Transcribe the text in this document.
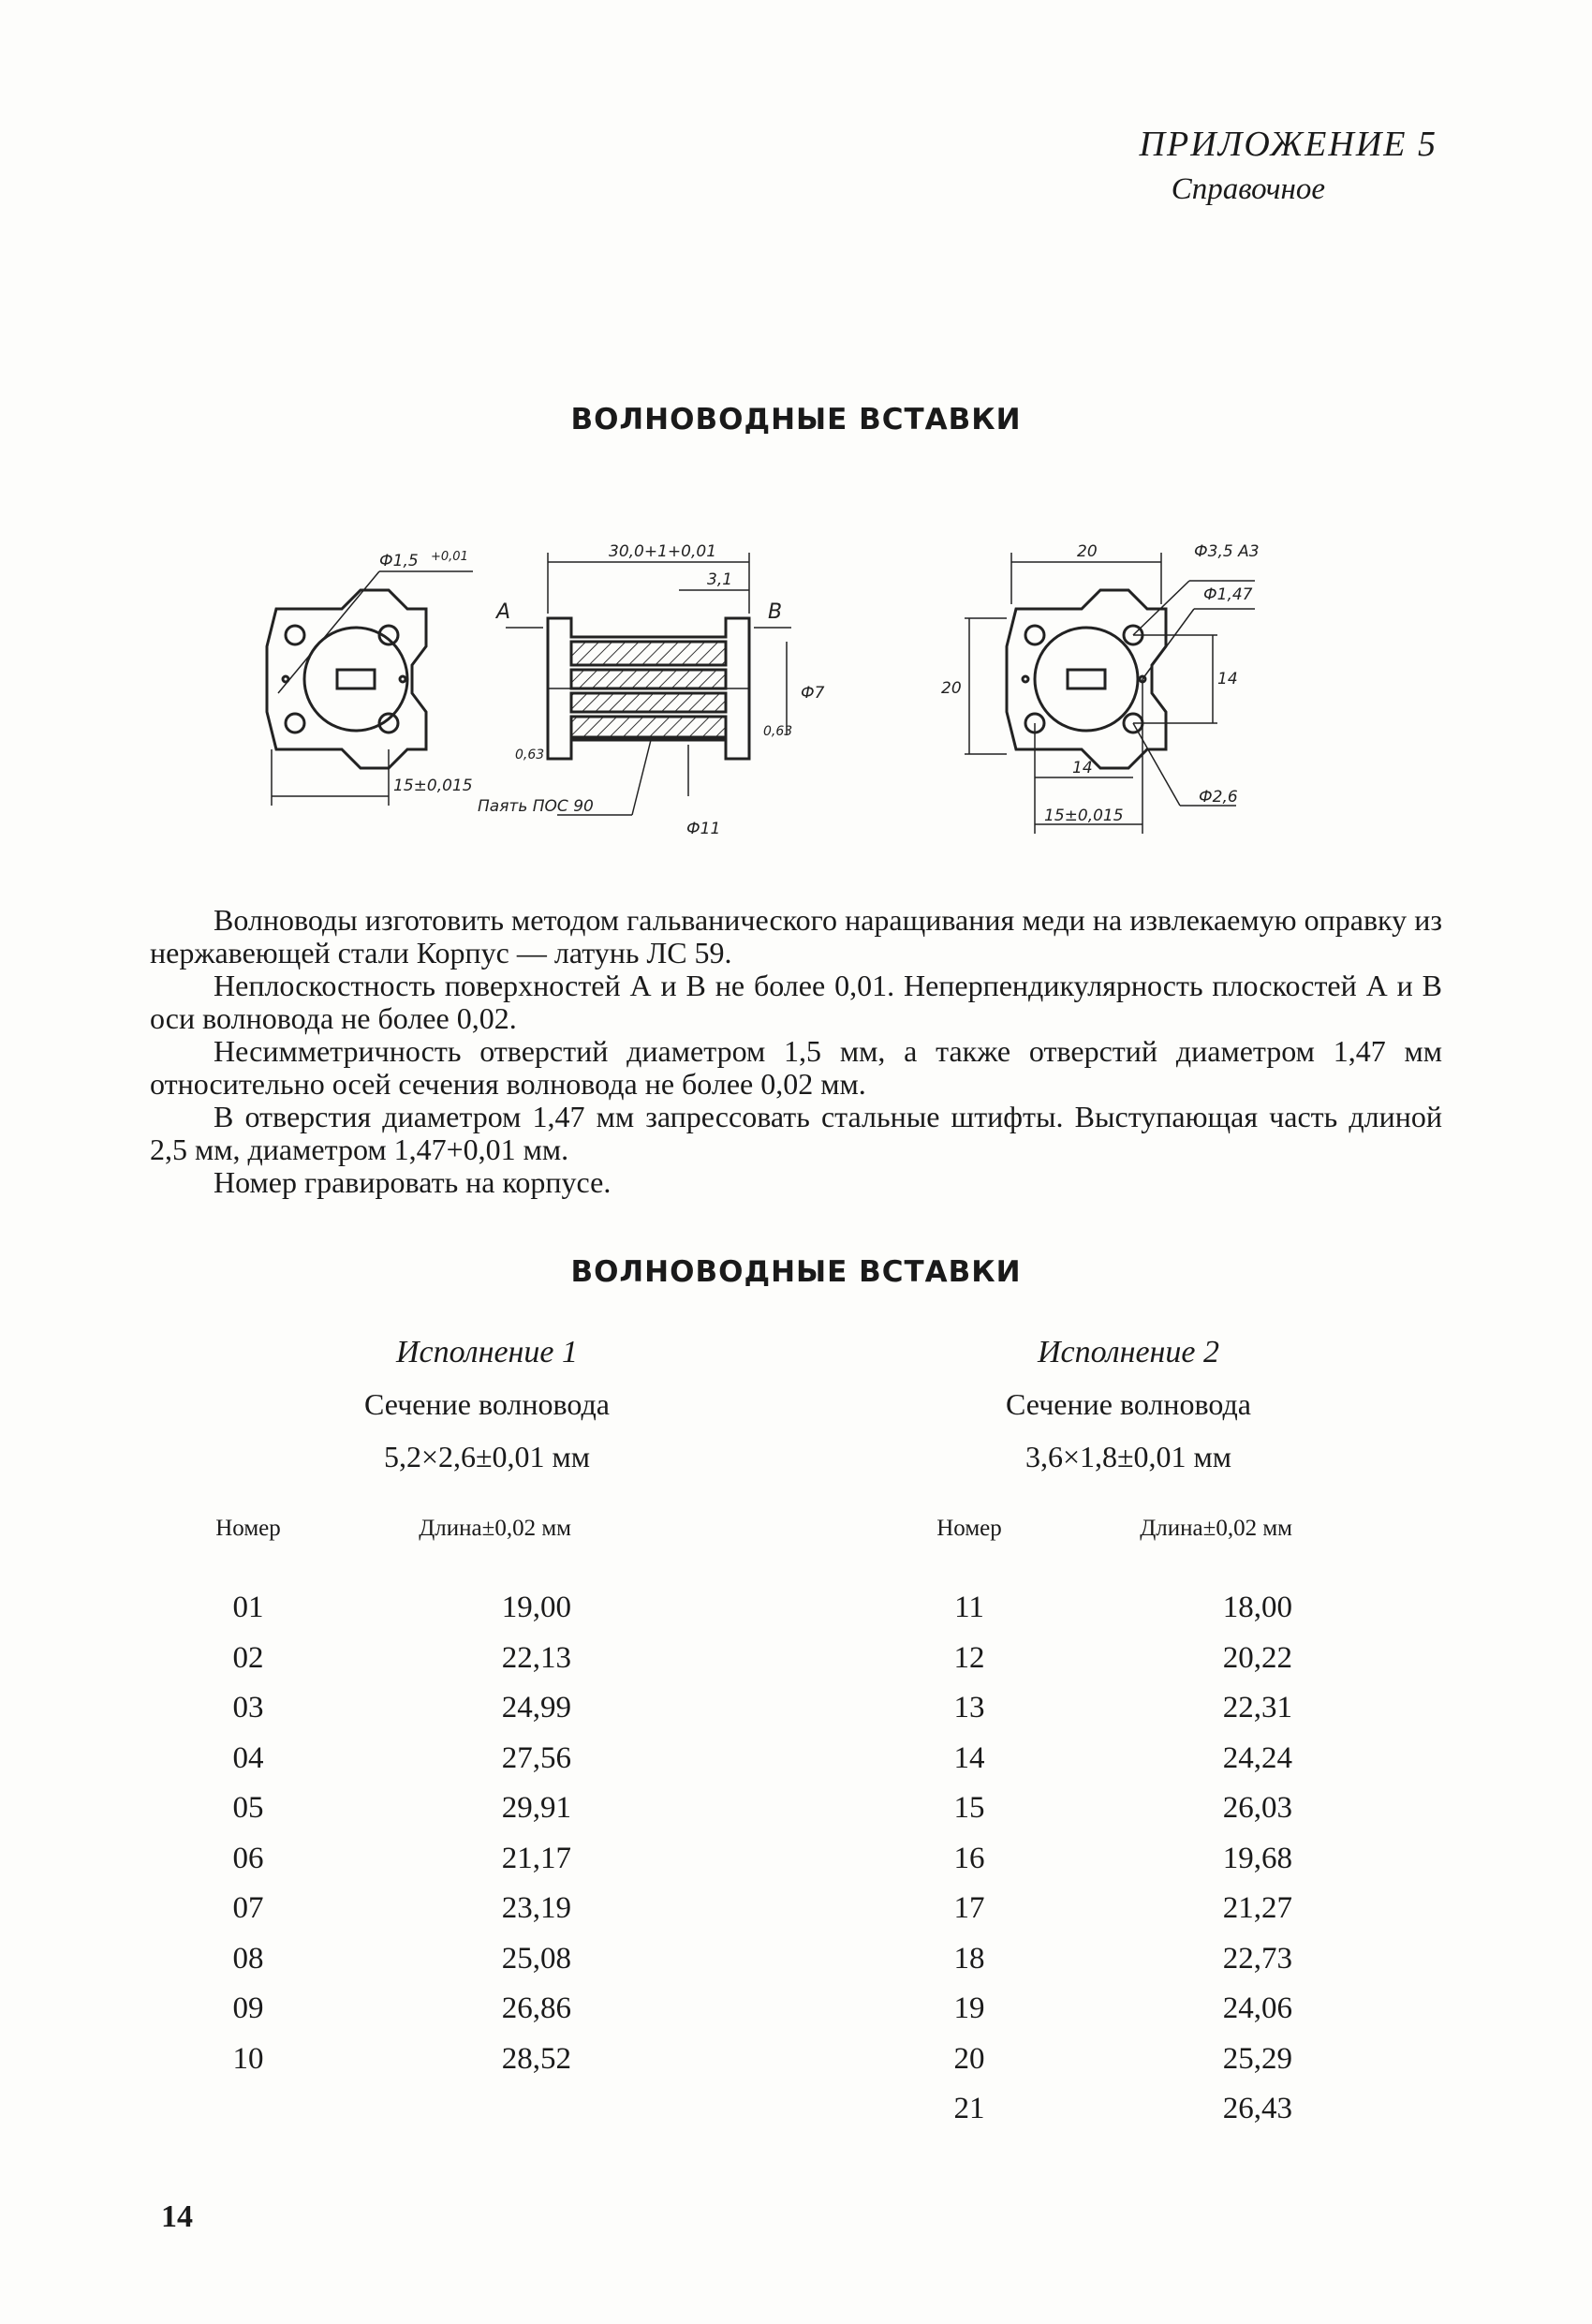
ПРИЛОЖЕНИЕ 5
Справочное
ВОЛНОВОДНЫЕ ВСТАВКИ
Ф1,5 +0,01
15±0,015
30,0+1+0,01
3,1
A	B
Ф7
Ф11
0,63
0,63
Паять ПОС 90
20	Ф3,5 А3
Ф1,47
20	14
14
15±0,015
Ф2,6

Волноводы изготовить методом гальванического наращивания меди на извлекаемую оправку из нержавеющей стали Корпус — латунь ЛС 59.

Неплоскостность поверхностей А и В не более 0,01. Неперпендикулярность плоскостей А и В оси волновода не более 0,02.

Несимметричность отверстий диаметром 1,5 мм, а также отверстий диаметром 1,47 мм относительно осей сечения волновода не более 0,02 мм.

В отверстия диаметром 1,47 мм запрессовать стальные штифты. Выступающая часть длиной 2,5 мм, диаметром 1,47+0,01 мм.

Номер гравировать на корпусе.

ВОЛНОВОДНЫЕ ВСТАВКИ
Исполнение 1
Сечение волновода
5,2×2,6±0,01 мм
Номер	Длина±0,02 мм
01	19,00
02	22,13
03	24,99
04	27,56
05	29,91
06	21,17
07	23,19
08	25,08
09	26,86
10	28,52
Исполнение 2
Сечение волновода
3,6×1,8±0,01 мм
Номер	Длина±0,02 мм
11	18,00
12	20,22
13	22,31
14	24,24
15	26,03
16	19,68
17	21,27
18	22,73
19	24,06
20	25,29
21	26,43
14
